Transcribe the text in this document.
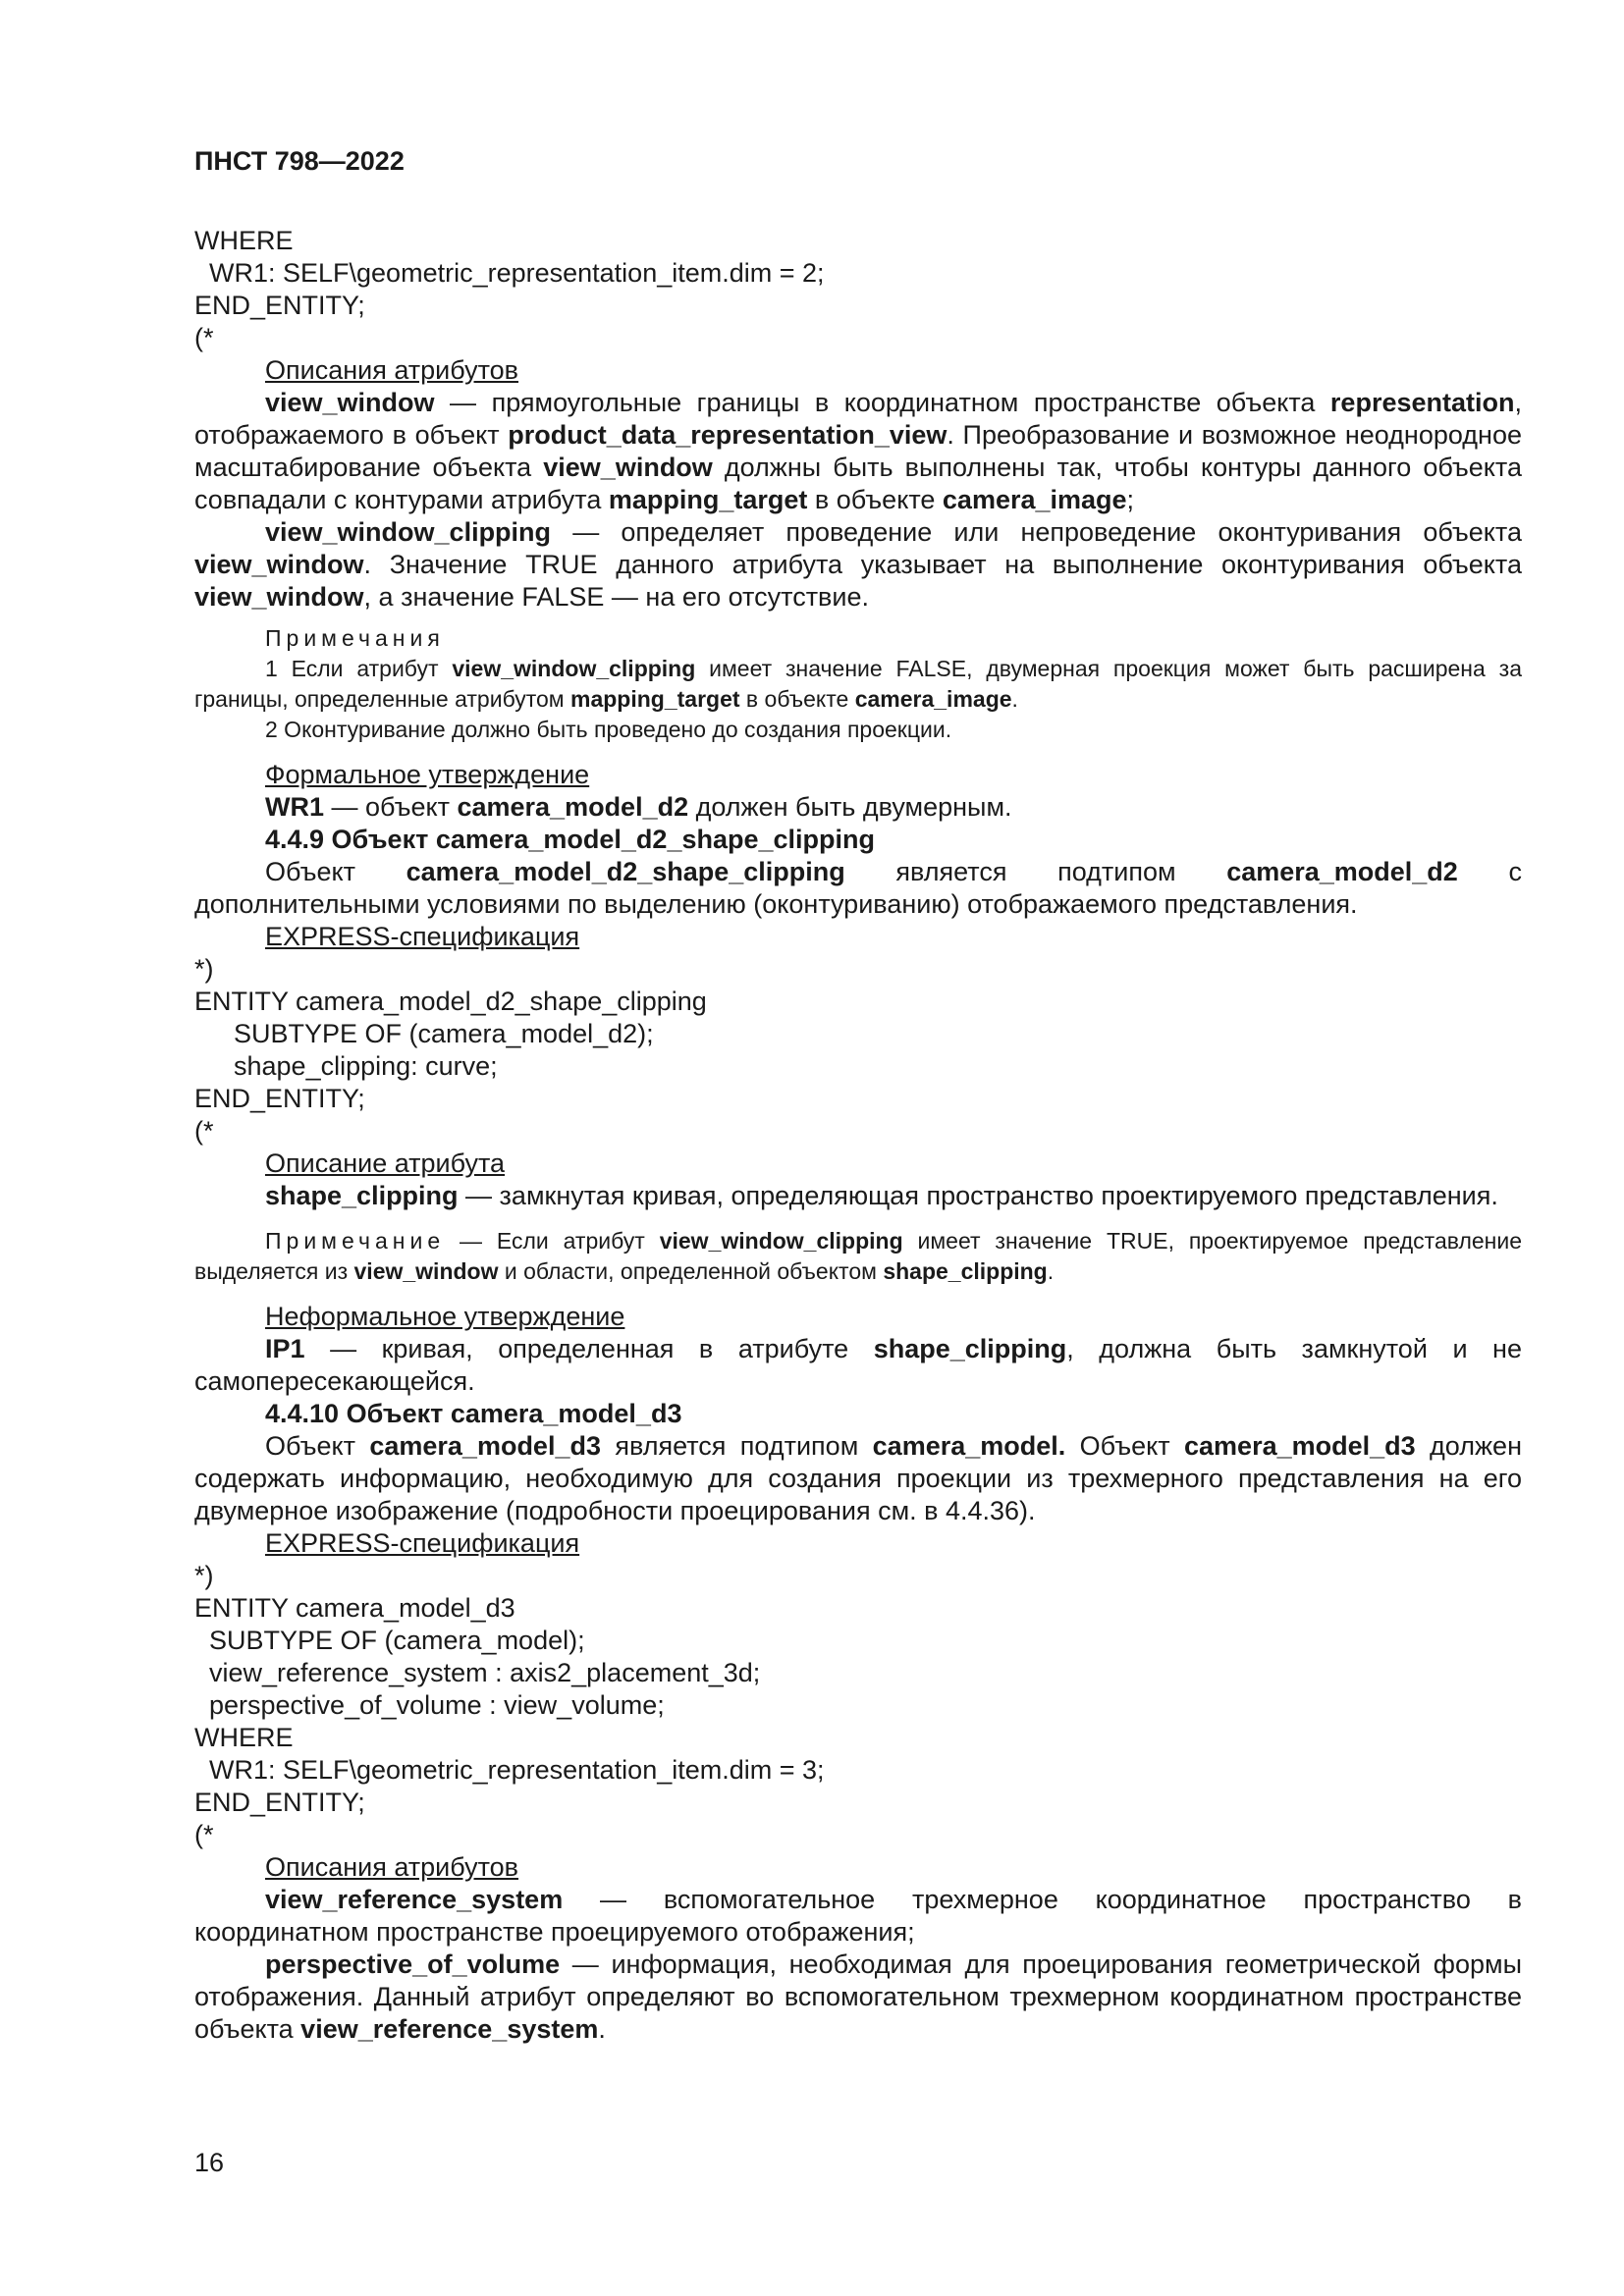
ПНСТ 798—2022
WHERE
WR1: SELF\geometric_representation_item.dim = 2;
END_ENTITY;
(*
Описания атрибутов

view_window — прямоугольные границы в координатном пространстве объекта representation, отображаемого в объект product_data_representation_view. Преобразование и возможное неоднородное масштабирование объекта view_window должны быть выполнены так, чтобы контуры данного объекта совпадали с контурами атрибута mapping_target в объекте camera_image;

view_window_clipping — определяет проведение или непроведение оконтуривания объекта view_window. Значение TRUE данного атрибута указывает на выполнение оконтуривания объекта view_window, а значение FALSE — на его отсутствие.

Примечания

1 Если атрибут view_window_clipping имеет значение FALSE, двумерная проекция может быть расширена за границы, определенные атрибутом mapping_target в объекте camera_image.

2 Оконтуривание должно быть проведено до создания проекции.

Формальное утверждение

WR1 — объект camera_model_d2 должен быть двумерным.

4.4.9 Объект camera_model_d2_shape_clipping

Объект camera_model_d2_shape_clipping является подтипом camera_model_d2 с дополнительными условиями по выделению (оконтуриванию) отображаемого представления.

EXPRESS-спецификация
*)
ENTITY camera_model_d2_shape_clipping
SUBTYPE OF (camera_model_d2);
shape_clipping: curve;
END_ENTITY;
(*
Описание атрибута

shape_clipping — замкнутая кривая, определяющая пространство проектируемого представления.

Примечание — Если атрибут view_window_clipping имеет значение TRUE, проектируемое представление выделяется из view_window и области, определенной объектом shape_clipping.

Неформальное утверждение

IP1 — кривая, определенная в атрибуте shape_clipping, должна быть замкнутой и не самопересекающейся.

4.4.10 Объект camera_model_d3

Объект camera_model_d3 является подтипом camera_model. Объект camera_model_d3 должен содержать информацию, необходимую для создания проекции из трехмерного представления на его двумерное изображение (подробности проецирования см. в 4.4.36).

EXPRESS-спецификация
*)
ENTITY camera_model_d3
SUBTYPE OF (camera_model);
view_reference_system : axis2_placement_3d;
perspective_of_volume : view_volume;
WHERE
WR1: SELF\geometric_representation_item.dim = 3;
END_ENTITY;
(*
Описания атрибутов

view_reference_system — вспомогательное трехмерное координатное пространство в координатном пространстве проецируемого отображения;

perspective_of_volume — информация, необходимая для проецирования геометрической формы отображения. Данный атрибут определяют во вспомогательном трехмерном координатном пространстве объекта view_reference_system.

16
